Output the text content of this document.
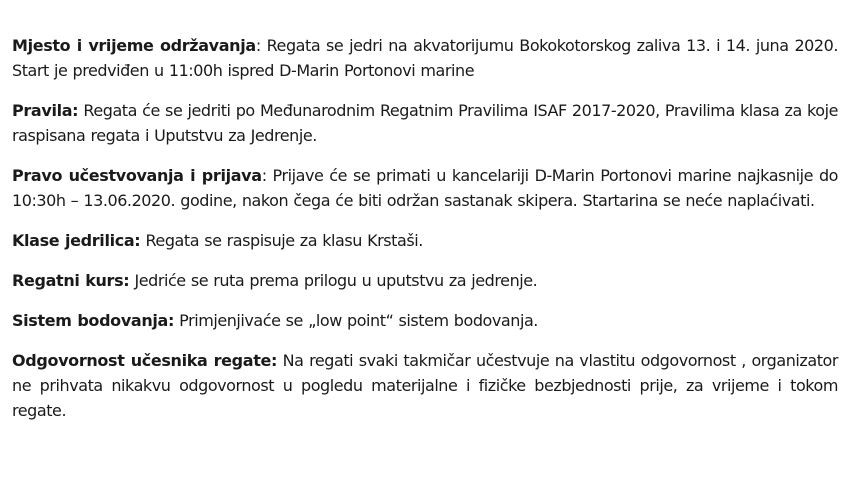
Mjesto i vrijeme održavanja: Regata se jedri na akvatorijumu Bokokotorskog zaliva 13. i 14. juna 2020. Start je predviđen u 11:00h ispred D-Marin Portonovi marine

Pravila: Regata će se jedriti po Međunarodnim Regatnim Pravilima ISAF 2017-2020, Pravilima klasa za koje raspisana regata i Uputstvu za Jedrenje.

Pravo učestvovanja i prijava: Prijave će se primati u kancelariji D-Marin Portonovi marine najkasnije do 10:30h – 13.06.2020. godine, nakon čega će biti održan sastanak skipera. Startarina se neće naplaćivati.

Klase jedrilica: Regata se raspisuje za klasu Krstaši.

Regatni kurs: Jedriće se ruta prema prilogu u uputstvu za jedrenje.

Sistem bodovanja: Primjenjivaće se „low point“ sistem bodovanja.

Odgovornost učesnika regate: Na regati svaki takmičar učestvuje na vlastitu odgovornost , organizator ne prihvata nikakvu odgovornost u pogledu materijalne i fizičke bezbjednosti prije, za vrijeme i tokom regate.
